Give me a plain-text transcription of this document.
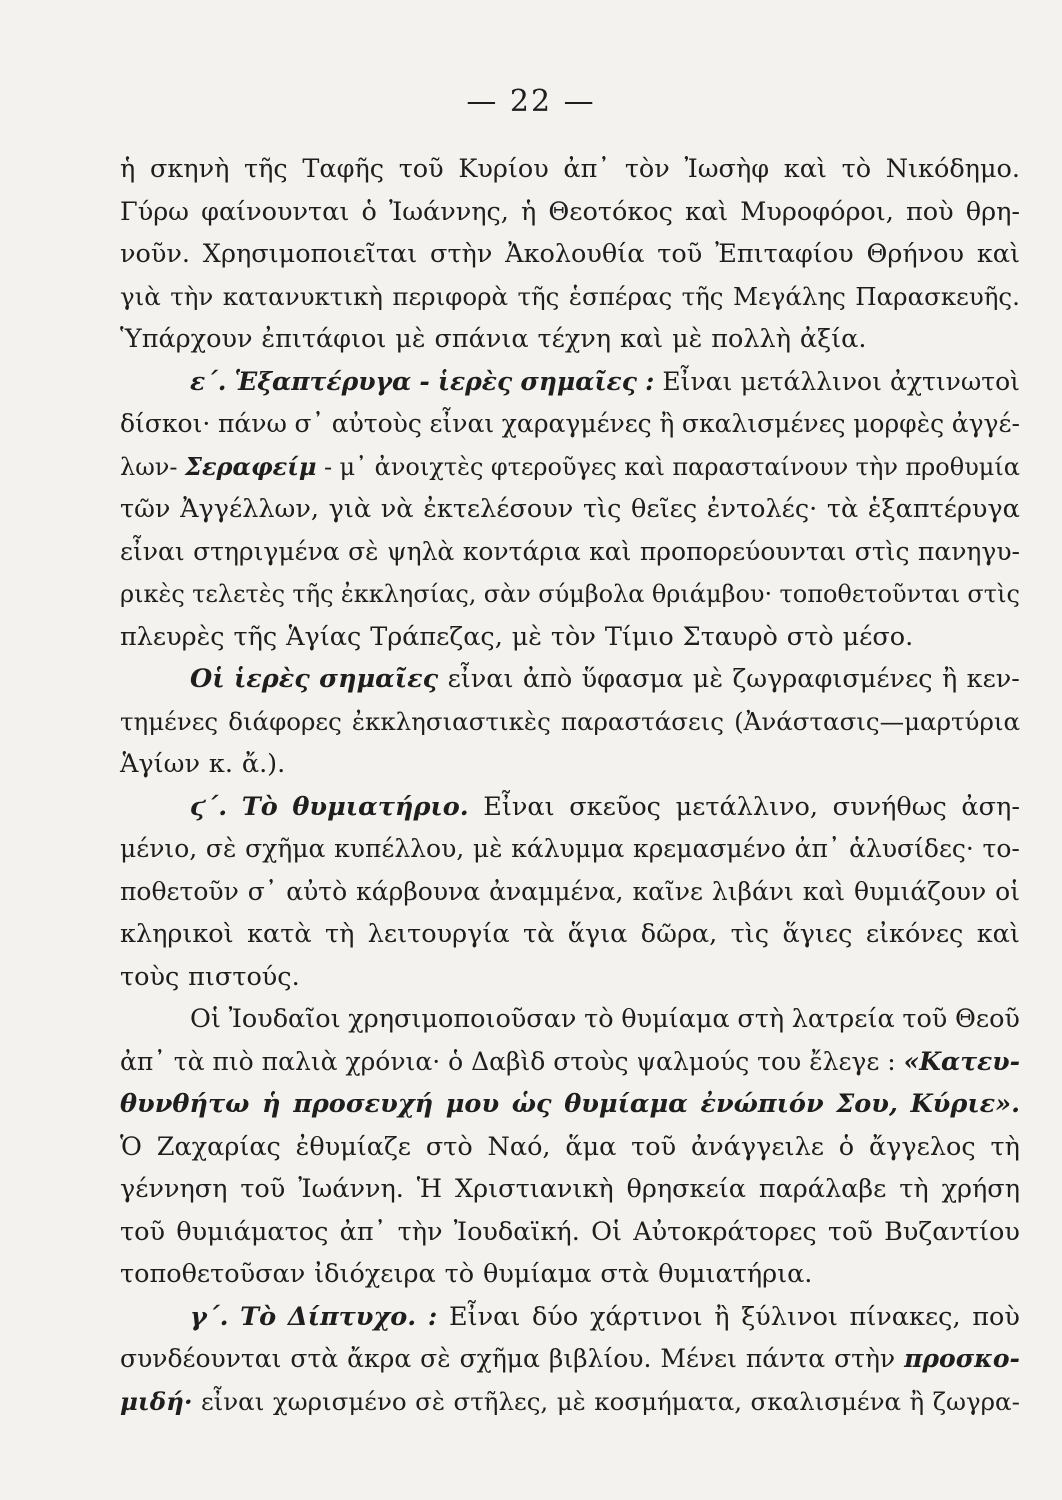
— 22 —
ἡ σκηνὴ τῆς Ταφῆς τοῦ Κυρίου ἀπ᾽ τὸν Ἰωσὴφ καὶ τὸ Νικόδημο.
Γύρω φαίνουνται ὁ Ἰωάννης, ἡ Θεοτόκος καὶ Μυροφόροι, ποὺ θρη-
νοῦν. Χρησιμοποιεῖται στὴν Ἀκολουθία τοῦ Ἐπιταφίου Θρήνου καὶ
γιὰ τὴν κατανυκτικὴ περιφορὰ τῆς ἑσπέρας τῆς Μεγάλης Παρασκευῆς.
Ὑπάρχουν ἐπιτάφιοι μὲ σπάνια τέχνη καὶ μὲ πολλὴ ἀξία.
ε΄. Ἑξαπτέρυγα - ἱερὲς σημαῖες : Εἶναι μετάλλινοι ἀχτινωτοὶ
δίσκοι· πάνω σ᾽ αὐτοὺς εἶναι χαραγμένες ἢ σκαλισμένες μορφὲς ἀγγέ-
λων- Σεραφείμ - μ᾽ ἀνοιχτὲς φτεροῦγες καὶ παρασταίνουν τὴν προθυμία
τῶν Ἀγγέλλων, γιὰ νὰ ἐκτελέσουν τὶς θεῖες ἐντολές· τὰ ἑξαπτέρυγα
εἶναι στηριγμένα σὲ ψηλὰ κοντάρια καὶ προπορεύουνται στὶς πανηγυ-
ρικὲς τελετὲς τῆς ἐκκλησίας, σὰν σύμβολα θριάμβου· τοποθετοῦνται στὶς
πλευρὲς τῆς Ἁγίας Τράπεζας, μὲ τὸν Τίμιο Σταυρὸ στὸ μέσο.
Οἱ ἱερὲς σημαῖες εἶναι ἀπὸ ὕφασμα μὲ ζωγραφισμένες ἢ κεν-
τημένες διάφορες ἐκκλησιαστικὲς παραστάσεις (Ἀνάστασις—μαρτύρια
Ἁγίων κ. ἄ.).
ϛ΄. Τὸ θυμιατήριο. Εἶναι σκεῦος μετάλλινο, συνήθως ἀση-
μένιο, σὲ σχῆμα κυπέλλου, μὲ κάλυμμα κρεμασμένο ἀπ᾽ ἁλυσίδες· το-
ποθετοῦν σ᾽ αὐτὸ κάρβουνα ἀναμμένα, καῖνε λιβάνι καὶ θυμιάζουν οἱ
κληρικοὶ κατὰ τὴ λειτουργία τὰ ἅγια δῶρα, τὶς ἅγιες εἰκόνες καὶ
τοὺς πιστούς.
Οἱ Ἰουδαῖοι χρησιμοποιοῦσαν τὸ θυμίαμα στὴ λατρεία τοῦ Θεοῦ
ἀπ᾽ τὰ πιὸ παλιὰ χρόνια· ὁ Δαβὶδ στοὺς ψαλμούς του ἔλεγε : «Κατευ-
θυνθήτω ἡ προσευχή μου ὡς θυμίαμα ἐνώπιόν Σου, Κύριε».
Ὁ Ζαχαρίας ἐθυμίαζε στὸ Ναό, ἅμα τοῦ ἀνάγγειλε ὁ ἄγγελος τὴ
γέννηση τοῦ Ἰωάννη. Ἡ Χριστιανικὴ θρησκεία παράλαβε τὴ χρήση
τοῦ θυμιάματος ἀπ᾽ τὴν Ἰουδαϊκή. Οἱ Αὐτοκράτορες τοῦ Βυζαντίου
τοποθετοῦσαν ἰδιόχειρα τὸ θυμίαμα στὰ θυμιατήρια.
γ΄. Τὸ Δίπτυχο. : Εἶναι δύο χάρτινοι ἢ ξύλινοι πίνακες, ποὺ
συνδέουνται στὰ ἄκρα σὲ σχῆμα βιβλίου. Μένει πάντα στὴν προσκο-
μιδή· εἶναι χωρισμένο σὲ στῆλες, μὲ κοσμήματα, σκαλισμένα ἢ ζωγρα-
